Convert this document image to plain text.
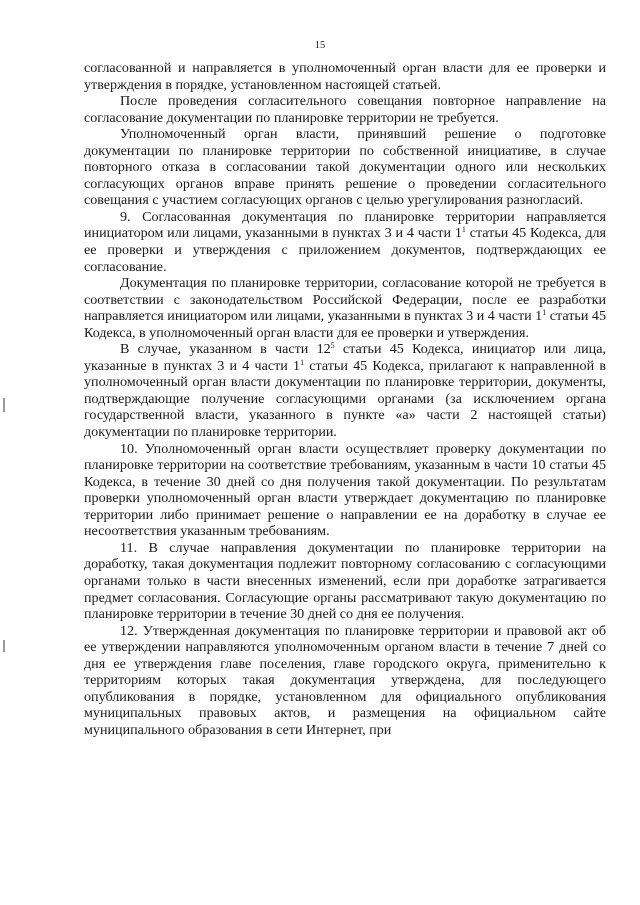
15

согласованной и направляется в уполномоченный орган власти для ее проверки и утверждения в порядке, установленном настоящей статьей.

После проведения согласительного совещания повторное направление на согласование документации по планировке территории не требуется.

Уполномоченный орган власти, принявший решение о подготовке документации по планировке территории по собственной инициативе, в случае повторного отказа в согласовании такой документации одного или нескольких согласующих органов вправе принять решение о проведении согласительного совещания с участием согласующих органов с целью урегулирования разногласий.

9. Согласованная документация по планировке территории направляется инициатором или лицами, указанными в пунктах 3 и 4 части $1^1$ статьи 45 Кодекса, для ее проверки и утверждения с приложением документов, подтверждающих ее согласование.

Документация по планировке территории, согласование которой не требуется в соответствии с законодательством Российской Федерации, после ее разработки направляется инициатором или лицами, указанными в пунктах 3 и 4 части $1^1$ статьи 45 Кодекса, в уполномоченный орган власти для ее проверки и утверждения.

В случае, указанном в части $12^5$ статьи 45 Кодекса, инициатор или лица, указанные в пунктах 3 и 4 части $1^1$ статьи 45 Кодекса, прилагают к направленной в уполномоченный орган власти документации по планировке территории, документы, подтверждающие получение согласующими органами (за исключением органа государственной власти, указанного в пункте «а» части 2 настоящей статьи) документации по планировке территории.

10. Уполномоченный орган власти осуществляет проверку документации по планировке территории на соответствие требованиям, указанным в части 10 статьи 45 Кодекса, в течение 30 дней со дня получения такой документации. По результатам проверки уполномоченный орган власти утверждает документацию по планировке территории либо принимает решение о направлении ее на доработку в случае ее несоответствия указанным требованиям.

11. В случае направления документации по планировке территории на доработку, такая документация подлежит повторному согласованию с согласующими органами только в части внесенных изменений, если при доработке затрагивается предмет согласования. Согласующие органы рассматривают такую документацию по планировке территории в течение 30 дней со дня ее получения.

12. Утвержденная документация по планировке территории и правовой акт об ее утверждении направляются уполномоченным органом власти в течение 7 дней со дня ее утверждения главе поселения, главе городского округа, применительно к территориям которых такая документация утверждена, для последующего опубликования в порядке, установленном для официального опубликования муниципальных правовых актов, и размещения на официальном сайте муниципального образования в сети Интернет, при
